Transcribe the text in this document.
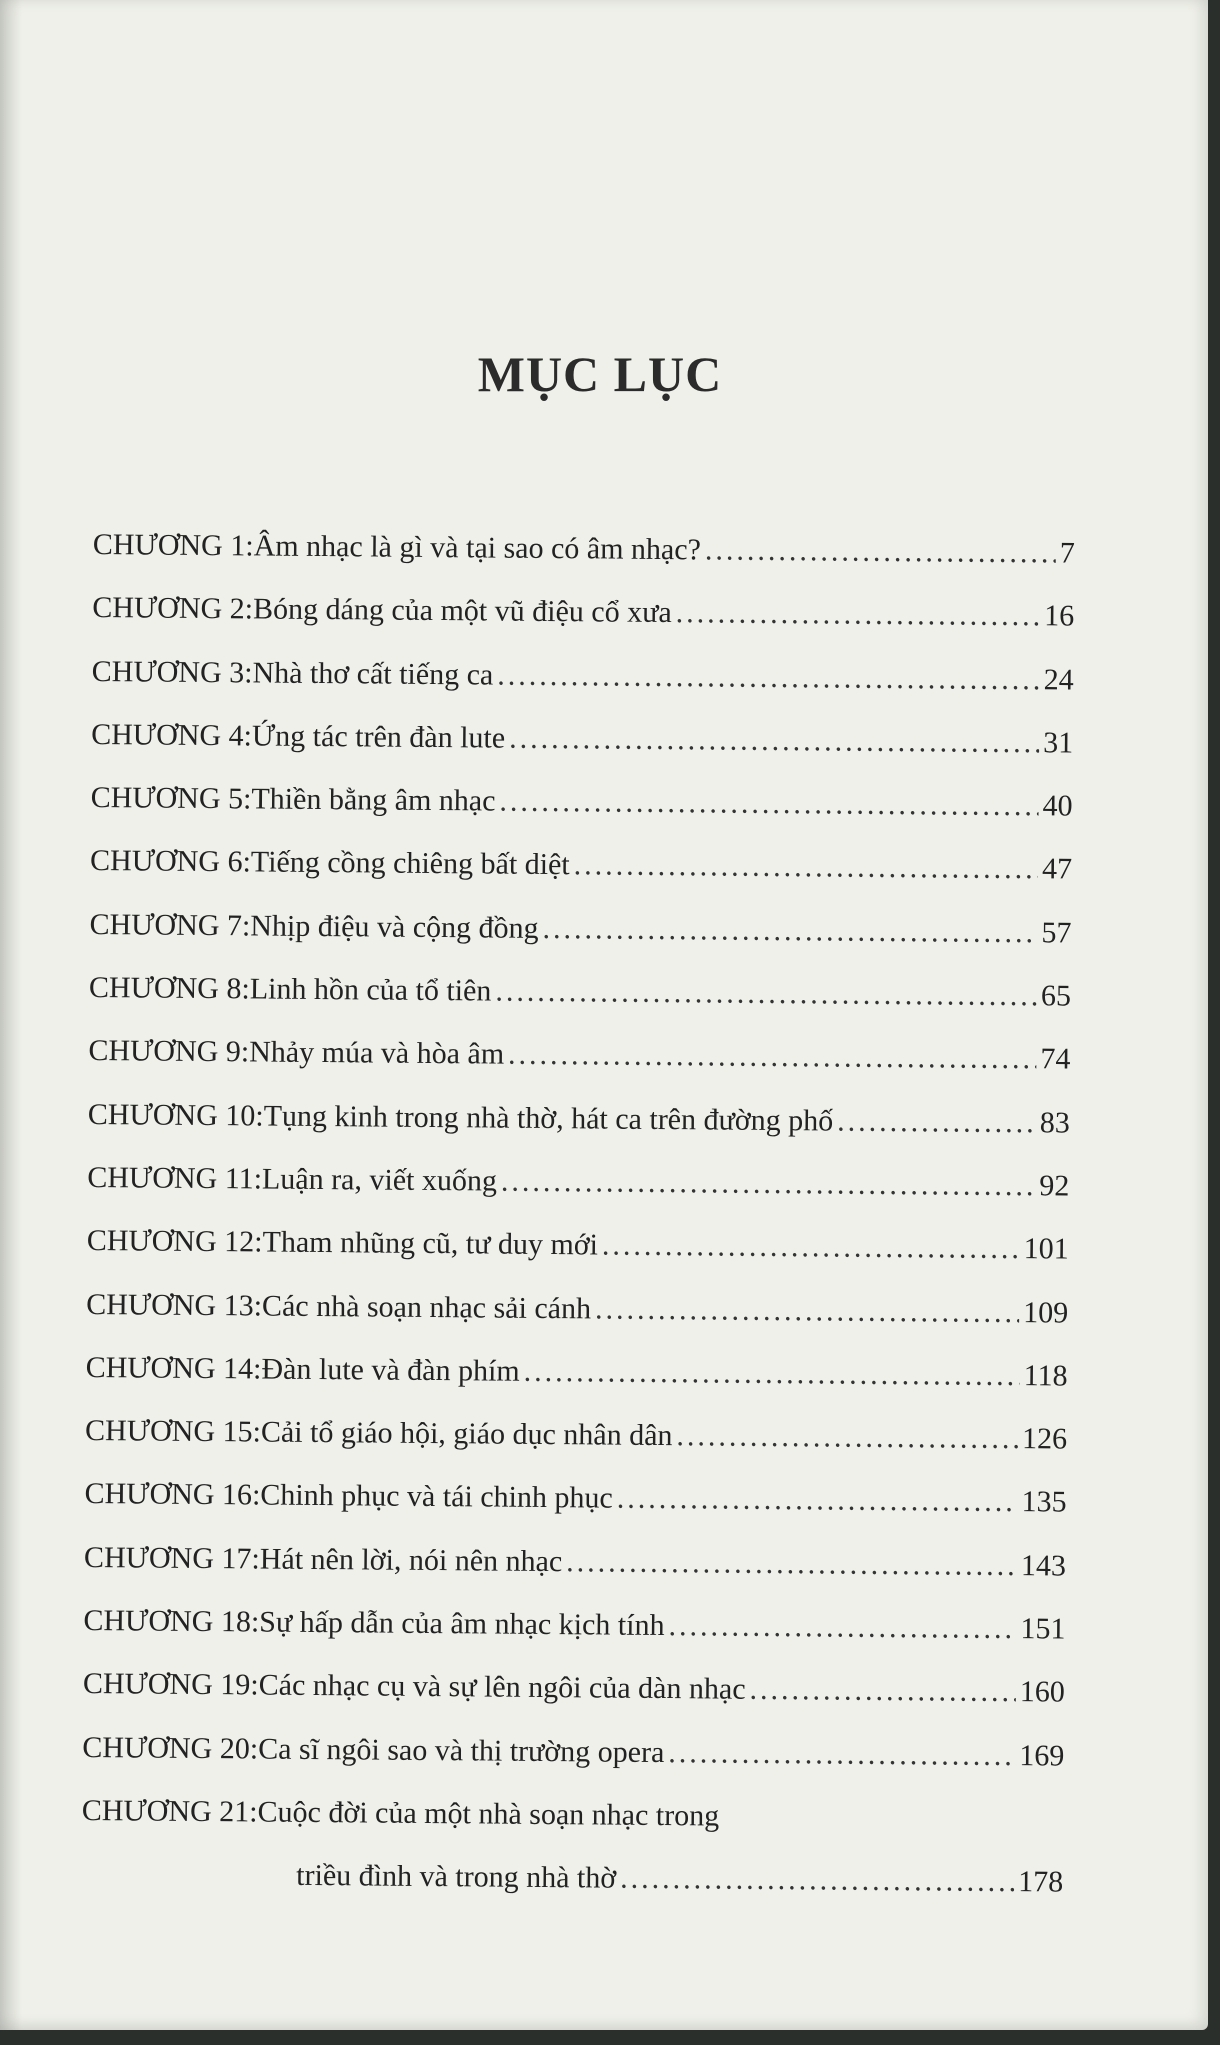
MỤC LỤC
CHƯƠNG 1 : Âm nhạc là gì và tại sao có âm nhạc? .....	7
CHƯƠNG 2 : Bóng dáng của một vũ điệu cổ xưa .....	16
CHƯƠNG 3 : Nhà thơ cất tiếng ca .....	24
CHƯƠNG 4 : Ứng tác trên đàn lute .....	31
CHƯƠNG 5 : Thiền bằng âm nhạc .....	40
CHƯƠNG 6 : Tiếng cồng chiêng bất diệt .....	47
CHƯƠNG 7 : Nhịp điệu và cộng đồng .....	57
CHƯƠNG 8 : Linh hồn của tổ tiên .....	65
CHƯƠNG 9 : Nhảy múa và hòa âm .....	74
CHƯƠNG 10 : Tụng kinh trong nhà thờ, hát ca trên đường phố .....	83
CHƯƠNG 11 : Luận ra, viết xuống .....	92
CHƯƠNG 12 : Tham nhũng cũ, tư duy mới .....	101
CHƯƠNG 13 : Các nhà soạn nhạc sải cánh .....	109
CHƯƠNG 14 : Đàn lute và đàn phím .....	118
CHƯƠNG 15 : Cải tổ giáo hội, giáo dục nhân dân .....	126
CHƯƠNG 16 : Chinh phục và tái chinh phục .....	135
CHƯƠNG 17 : Hát nên lời, nói nên nhạc .....	143
CHƯƠNG 18 : Sự hấp dẫn của âm nhạc kịch tính .....	151
CHƯƠNG 19 : Các nhạc cụ và sự lên ngôi của dàn nhạc .....	160
CHƯƠNG 20 : Ca sĩ ngôi sao và thị trường opera .....	169
CHƯƠNG 21 : Cuộc đời của một nhà soạn nhạc trong
triều đình và trong nhà thờ .....	178
